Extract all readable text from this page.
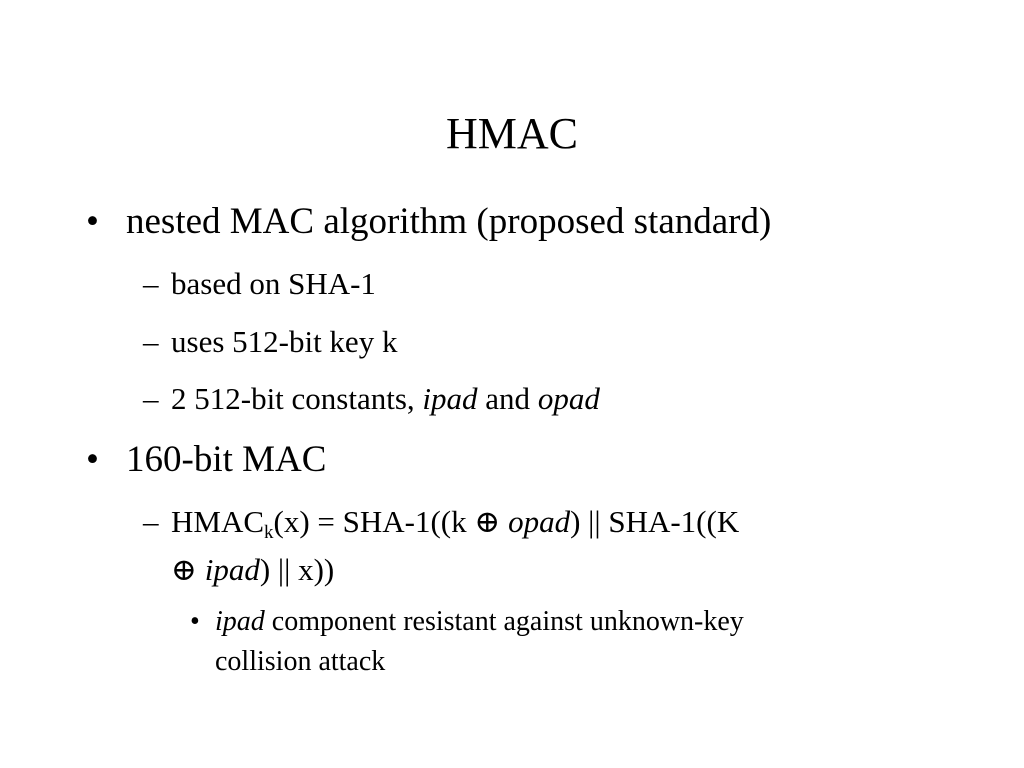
HMAC
• nested MAC algorithm (proposed standard)
– based on SHA-1
– uses 512-bit key k
– 2 512-bit constants, ipad and opad
• 160-bit MAC
– $HMAC_k(x) = SHA-1((k$ ⊕ opad) || SHA-1((K
⊕ ipad) || x))
• ipad component resistant against unknown-key
collision attack
